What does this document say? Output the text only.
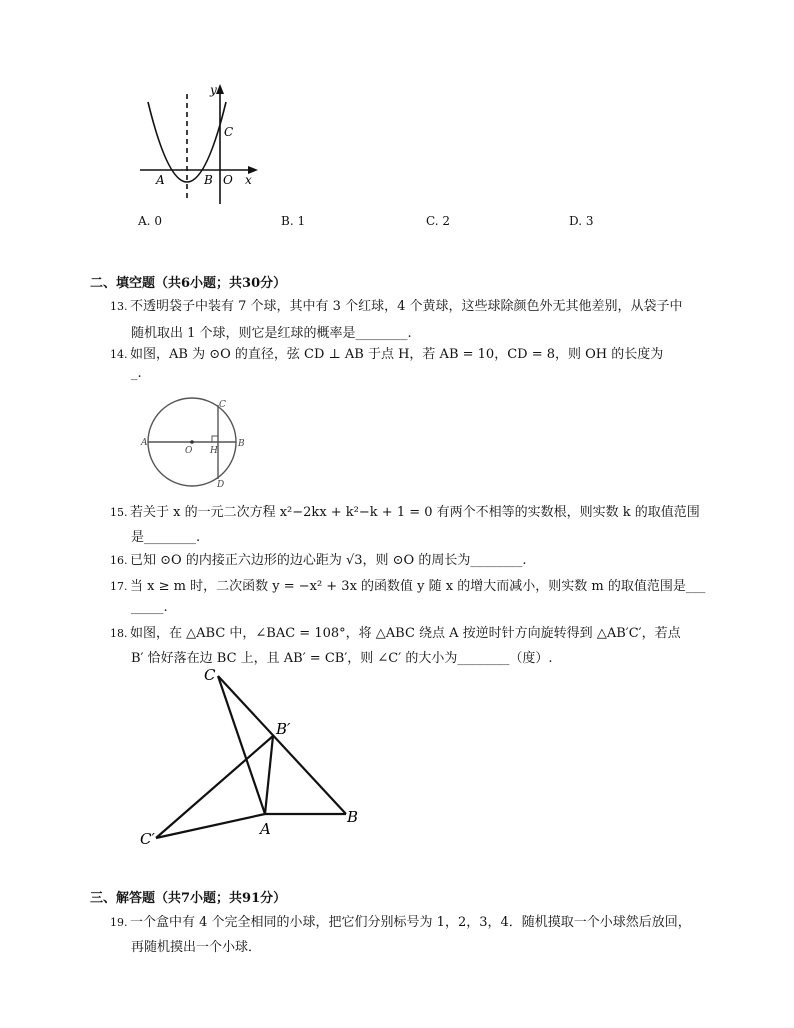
y
x
A	B O
C
A. 0	B. 1	C. 2	D. 3
二、填空题（共6小题；共30分）
13. 不透明袋子中装有 7 个球，其中有 3 个红球，4 个黄球，这些球除颜色外无其他差别，从袋子中
随机取出 1 个球，则它是红球的概率是________.
14. 如图，AB 为 ⊙O 的直径，弦 CD ⊥ AB 于点 H，若 AB = 10，CD = 8，则 OH 的长度为
_.
A	B
C
D
O H
15. 若关于 x 的一元二次方程 x²−2kx + k²−k + 1 = 0 有两个不相等的实数根，则实数 k 的取值范围
是________.
16. 已知 ⊙O 的内接正六边形的边心距为 √3，则 ⊙O 的周长为________.
17. 当 x ≥ m 时，二次函数 y = −x² + 3x 的函数值 y 随 x 的增大而减小，则实数 m 的取值范围是___
_____.
18. 如图，在 △ABC 中，∠BAC = 108°，将 △ABC 绕点 A 按逆时针方向旋转得到 △AB′C′，若点
B′ 恰好落在边 BC 上，且 AB′ = CB′，则 ∠C′ 的大小为________（度）.
C
B′
B
A
C′
三、解答题（共7小题；共91分）
19. 一个盒中有 4 个完全相同的小球，把它们分别标号为 1，2，3，4．随机摸取一个小球然后放回，
再随机摸出一个小球．
